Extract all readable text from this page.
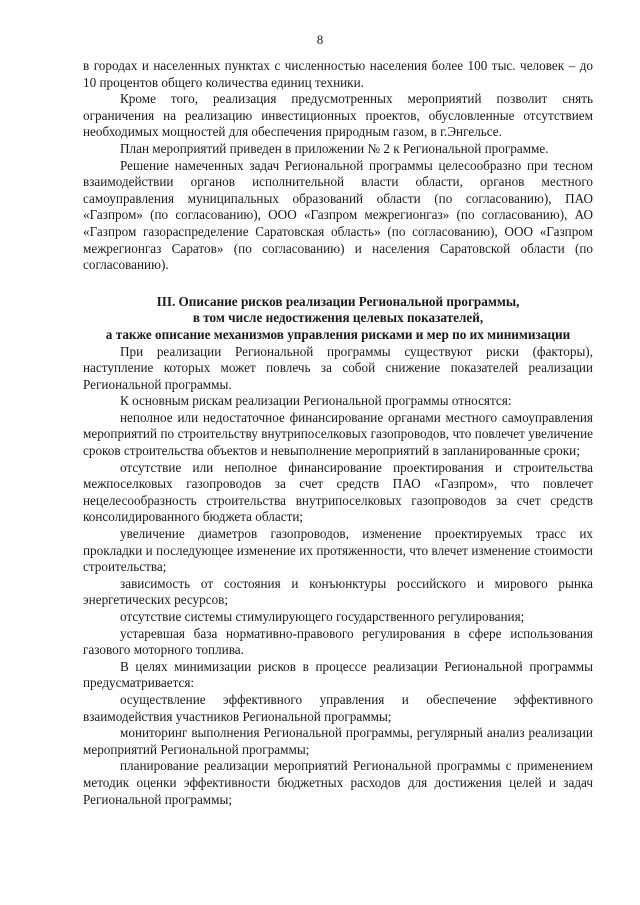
8

в городах и населенных пунктах с численностью населения более 100 тыс. человек – до 10 процентов общего количества единиц техники.

Кроме того, реализация предусмотренных мероприятий позволит снять ограничения на реализацию инвестиционных проектов, обусловленные отсутствием необходимых мощностей для обеспечения природным газом, в г.Энгельсе.

План мероприятий приведен в приложении № 2 к Региональной программе.

Решение намеченных задач Региональной программы целесообразно при тесном взаимодействии органов исполнительной власти области, органов местного самоуправления муниципальных образований области (по согласованию), ПАО «Газпром» (по согласованию), ООО «Газпром межрегионгаз» (по согласованию), АО «Газпром газораспределение Саратовская область» (по согласованию), ООО «Газпром межрегионгаз Саратов» (по согласованию) и населения Саратовской области (по согласованию).

III. Описание рисков реализации Региональной программы,
в том числе недостижения целевых показателей,
а также описание механизмов управления рисками и мер по их минимизации

При реализации Региональной программы существуют риски (факторы), наступление которых может повлечь за собой снижение показателей реализации Региональной программы.

К основным рискам реализации Региональной программы относятся:

неполное или недостаточное финансирование органами местного самоуправления мероприятий по строительству внутрипоселковых газопроводов, что повлечет увеличение сроков строительства объектов и невыполнение мероприятий в запланированные сроки;

отсутствие или неполное финансирование проектирования и строительства межпоселковых газопроводов за счет средств ПАО «Газпром», что повлечет нецелесообразность строительства внутрипоселковых газопроводов за счет средств консолидированного бюджета области;

увеличение диаметров газопроводов, изменение проектируемых трасс их прокладки и последующее изменение их протяженности, что влечет изменение стоимости строительства;

зависимость от состояния и конъюнктуры российского и мирового рынка энергетических ресурсов;

отсутствие системы стимулирующего государственного регулирования;

устаревшая база нормативно-правового регулирования в сфере использования газового моторного топлива.

В целях минимизации рисков в процессе реализации Региональной программы предусматривается:

осуществление эффективного управления и обеспечение эффективного взаимодействия участников Региональной программы;

мониторинг выполнения Региональной программы, регулярный анализ реализации мероприятий Региональной программы;

планирование реализации мероприятий Региональной программы с применением методик оценки эффективности бюджетных расходов для достижения целей и задач Региональной программы;
